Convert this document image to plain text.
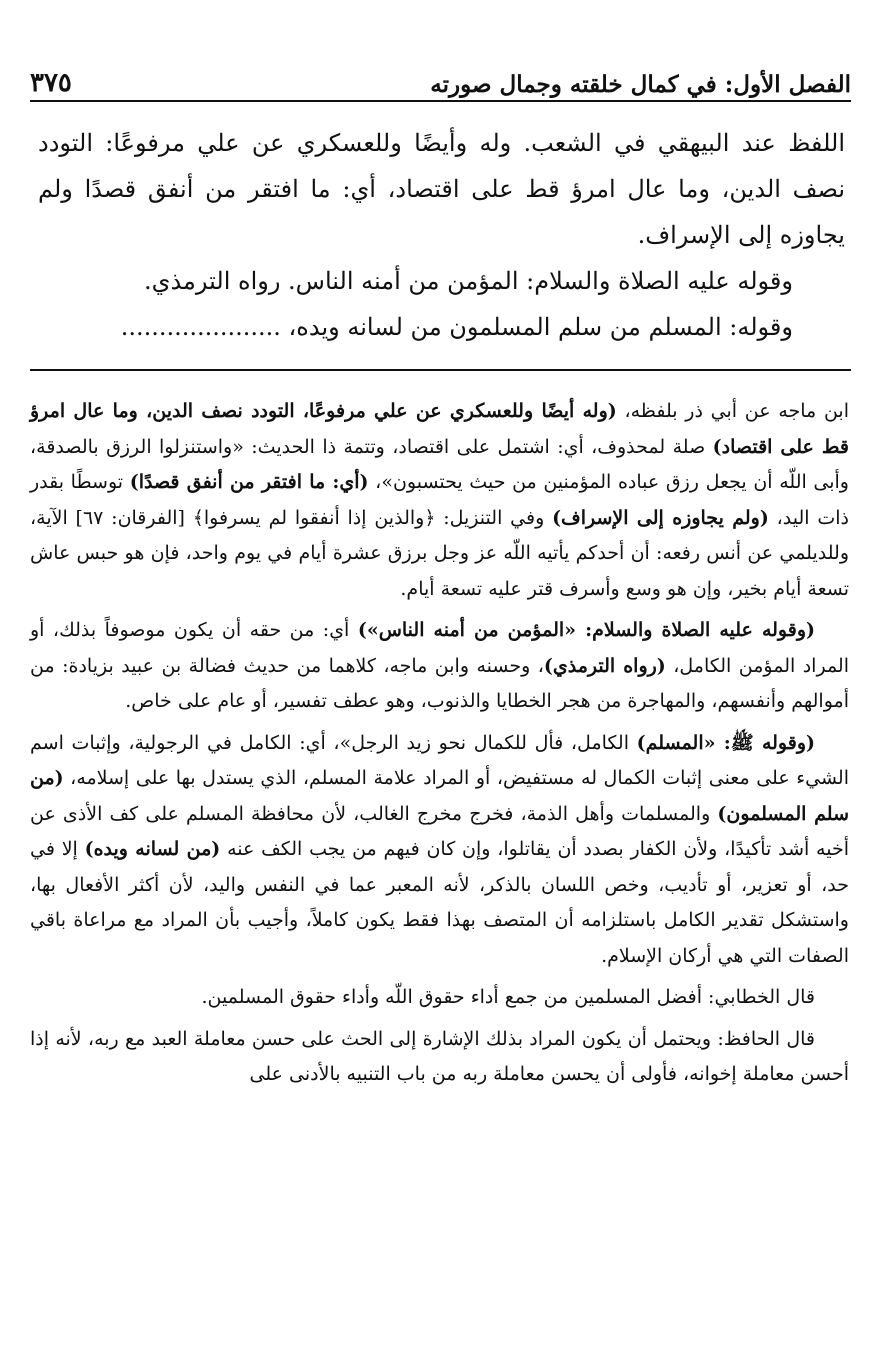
الفصل الأول: في كمال خلقته وجمال صورته
٣٧٥

اللفظ عند البيهقي في الشعب. وله وأيضًا وللعسكري عن علي مرفوعًا: التودد نصف الدين، وما عال امرؤ قط على اقتصاد، أي: ما افتقر من أنفق قصدًا ولم يجاوزه إلى الإسراف.

وقوله عليه الصلاة والسلام: المؤمن من أمنه الناس. رواه الترمذي.

وقوله: المسلم من سلم المسلمون من لسانه ويده، .....................

ابن ماجه عن أبي ذر بلفظه، (وله أيضًا وللعسكري عن علي مرفوعًا، التودد نصف الدين، وما عال امرؤ قط على اقتصاد) صلة لمحذوف، أي: اشتمل على اقتصاد، وتتمة ذا الحديث: «واستنزلوا الرزق بالصدقة، وأبى اللّه أن يجعل رزق عباده المؤمنين من حيث يحتسبون»، (أي: ما افتقر من أنفق قصدًا) توسطًا بقدر ذات اليد، (ولم يجاوزه إلى الإسراف) وفي التنزيل: ﴿والذين إذا أنفقوا لم يسرفوا﴾ [الفرقان: ٦٧] الآية، وللديلمي عن أنس رفعه: أن أحدكم يأتيه اللّه عز وجل برزق عشرة أيام في يوم واحد، فإن هو حبس عاش تسعة أيام بخير، وإن هو وسع وأسرف قتر عليه تسعة أيام.

(وقوله عليه الصلاة والسلام: «المؤمن من أمنه الناس») أي: من حقه أن يكون موصوفاً بذلك، أو المراد المؤمن الكامل، (رواه الترمذي)، وحسنه وابن ماجه، كلاهما من حديث فضالة بن عبيد بزيادة: من أموالهم وأنفسهم، والمهاجرة من هجر الخطايا والذنوب، وهو عطف تفسير، أو عام على خاص.

(وقوله ﷺ: «المسلم) الكامل، فأل للكمال نحو زيد الرجل»، أي: الكامل في الرجولية، وإثبات اسم الشيء على معنى إثبات الكمال له مستفيض، أو المراد علامة المسلم، الذي يستدل بها على إسلامه، (من سلم المسلمون) والمسلمات وأهل الذمة، فخرج مخرج الغالب، لأن محافظة المسلم على كف الأذى عن أخيه أشد تأكيدًا، ولأن الكفار بصدد أن يقاتلوا، وإن كان فيهم من يجب الكف عنه (من لسانه ويده) إلا في حد، أو تعزير، أو تأديب، وخص اللسان بالذكر، لأنه المعبر عما في النفس واليد، لأن أكثر الأفعال بها، واستشكل تقدير الكامل باستلزامه أن المتصف بهذا فقط يكون كاملاً، وأجيب بأن المراد مع مراعاة باقي الصفات التي هي أركان الإسلام.

قال الخطابي: أفضل المسلمين من جمع أداء حقوق اللّه وأداء حقوق المسلمين.

قال الحافظ: ويحتمل أن يكون المراد بذلك الإشارة إلى الحث على حسن معاملة العبد مع ربه، لأنه إذا أحسن معاملة إخوانه، فأولى أن يحسن معاملة ربه من باب التنبيه بالأدنى على
